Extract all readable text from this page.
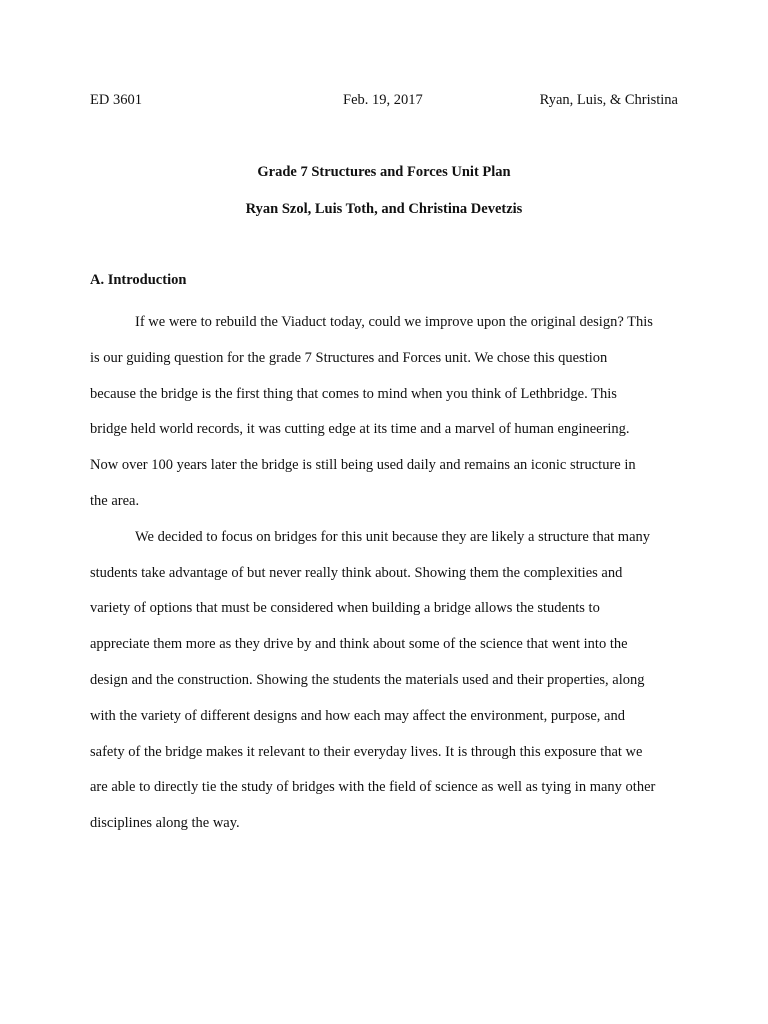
ED 3601	Feb. 19, 2017	Ryan, Luis, & Christina
Grade 7 Structures and Forces Unit Plan
Ryan Szol, Luis Toth, and Christina Devetzis
A. Introduction
If we were to rebuild the Viaduct today, could we improve upon the original design? This
is our guiding question for the grade 7 Structures and Forces unit. We chose this question
because the bridge is the first thing that comes to mind when you think of Lethbridge. This
bridge held world records, it was cutting edge at its time and a marvel of human engineering.
Now over 100 years later the bridge is still being used daily and remains an iconic structure in
the area.
We decided to focus on bridges for this unit because they are likely a structure that many
students take advantage of but never really think about. Showing them the complexities and
variety of options that must be considered when building a bridge allows the students to
appreciate them more as they drive by and think about some of the science that went into the
design and the construction. Showing the students the materials used and their properties, along
with the variety of different designs and how each may affect the environment, purpose, and
safety of the bridge makes it relevant to their everyday lives. It is through this exposure that we
are able to directly tie the study of bridges with the field of science as well as tying in many other
disciplines along the way.
